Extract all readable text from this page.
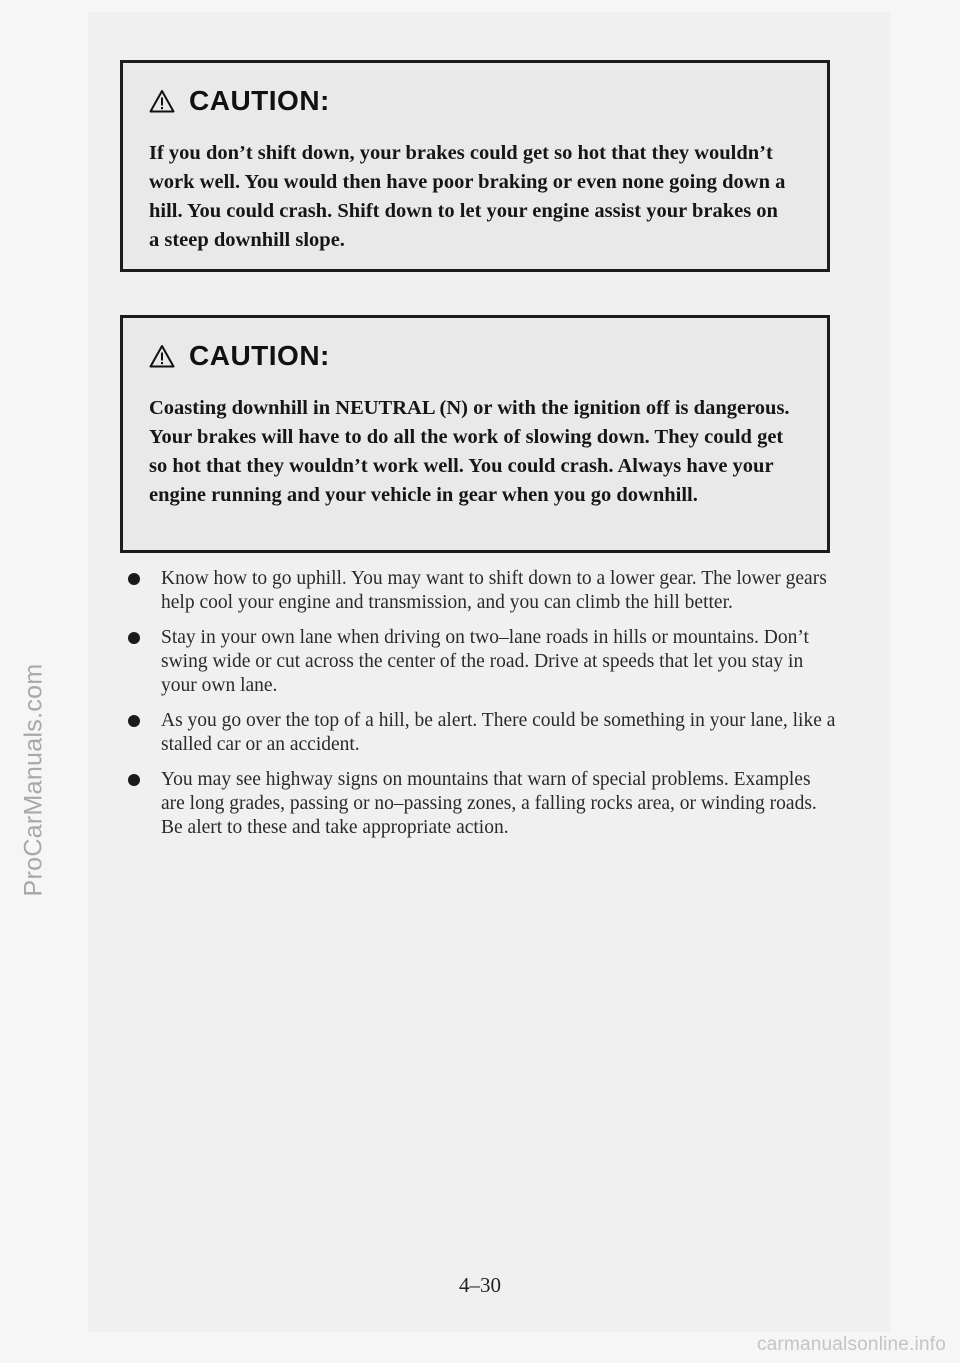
CAUTION:
If you don’t shift down, your brakes could get so hot that they wouldn’t work well. You would then have poor braking or even none going down a hill. You could crash. Shift down to let your engine assist your brakes on a steep downhill slope.
CAUTION:
Coasting downhill in NEUTRAL (N) or with the ignition off is dangerous. Your brakes will have to do all the work of slowing down. They could get so hot that they wouldn’t work well. You could crash. Always have your engine running and your vehicle in gear when you go downhill.
Know how to go uphill. You may want to shift down to a lower gear. The lower gears help cool your engine and transmission, and you can climb the hill better.
Stay in your own lane when driving on two–lane roads in hills or mountains. Don’t swing wide or cut across the center of the road. Drive at speeds that let you stay in your own lane.
As you go over the top of a hill, be alert. There could be something in your lane, like a stalled car or an accident.
You may see highway signs on mountains that warn of special problems. Examples are long grades, passing or no–passing zones, a falling rocks area, or winding roads. Be alert to these and take appropriate action.
4–30
ProCarManuals.com
carmanualsonline.info
